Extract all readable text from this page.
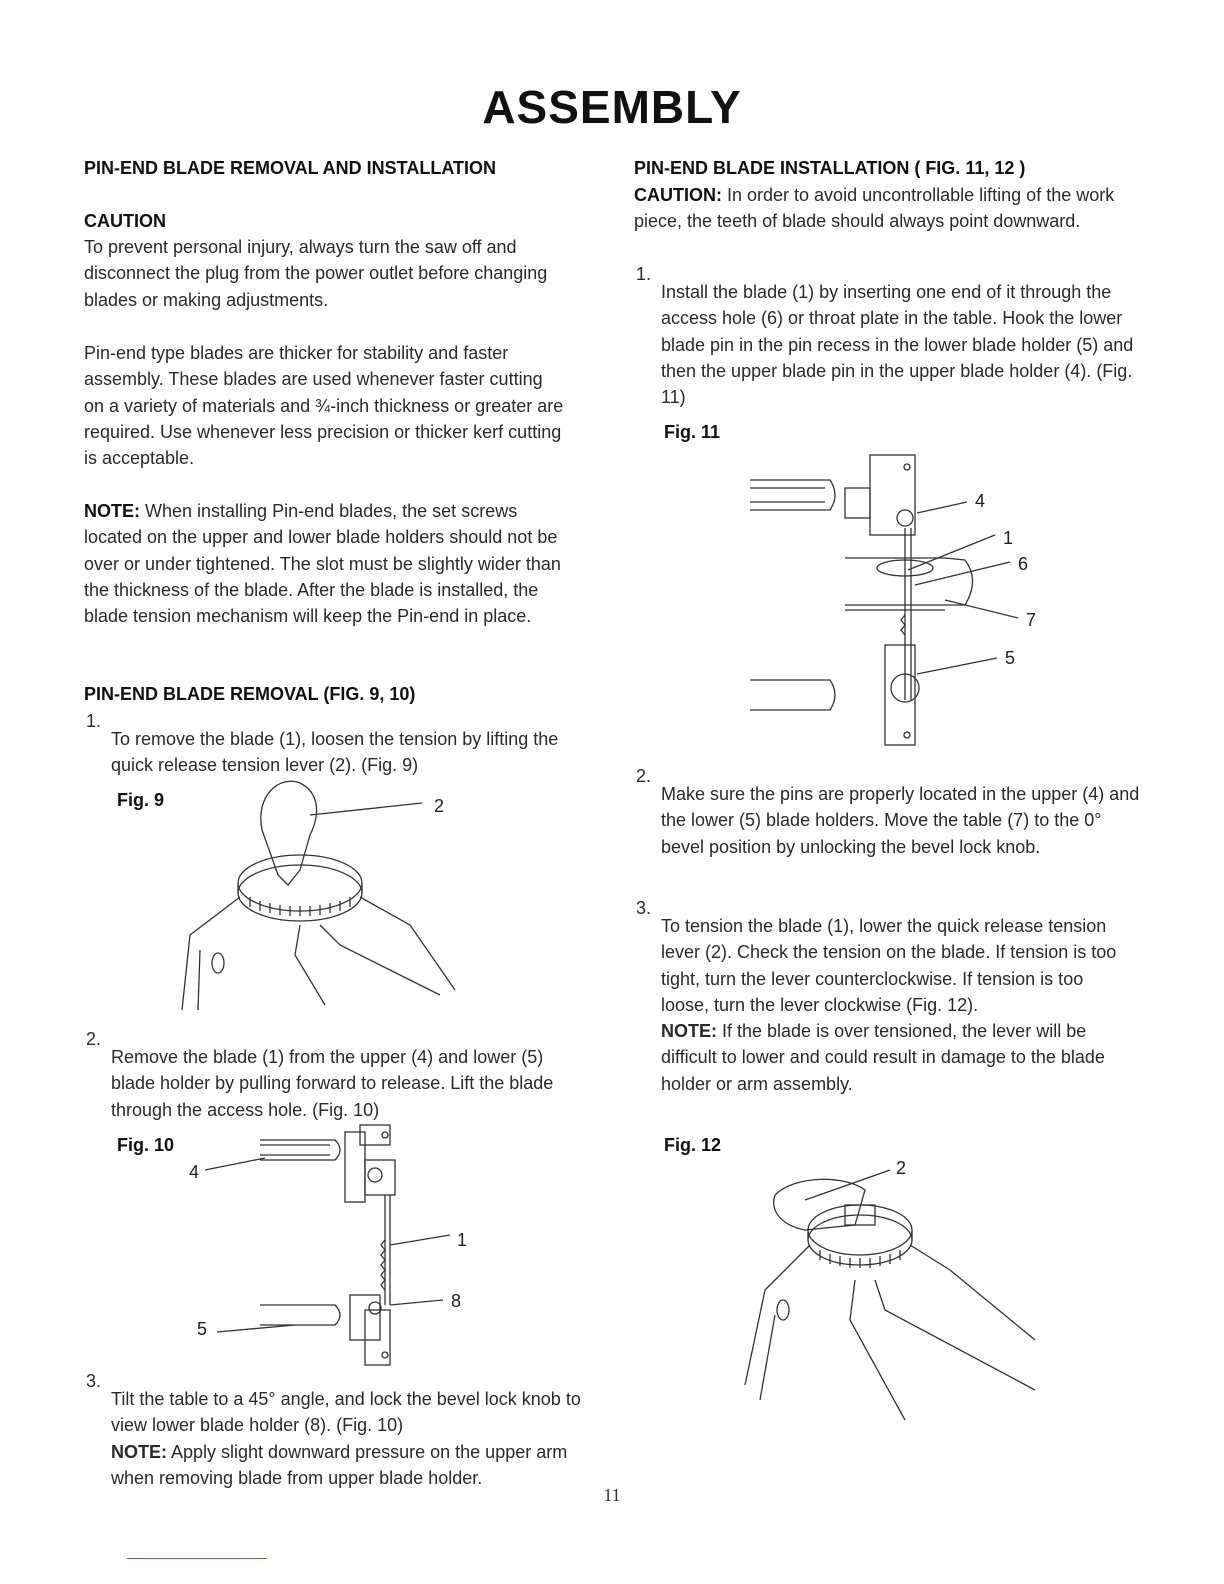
ASSEMBLY
PIN-END BLADE REMOVAL AND INSTALLATION
CAUTION

To prevent personal injury, always turn the saw off and disconnect the plug from the power outlet before changing blades or making adjustments.

Pin-end type blades are thicker for stability and faster assembly. These blades are used whenever faster cutting on a variety of materials and ¾-inch thickness or greater are required. Use whenever less precision or thicker kerf cutting is acceptable.

NOTE: When installing Pin-end blades, the set screws located on the upper and lower blade holders should not be over or under tightened. The slot must be slightly wider than the thickness of the blade. After the blade is installed, the blade tension mechanism will keep the Pin-end in place.

PIN-END BLADE REMOVAL (FIG. 9, 10)
1.

To remove the blade (1), loosen the tension by lifting the quick release tension lever (2). (Fig. 9)

Fig. 9	2
2.

Remove the blade (1) from the upper (4) and lower (5) blade holder by pulling forward to release. Lift the blade through the access hole. (Fig. 10)

Fig. 10
4
1
8
5
3.

Tilt the table to a 45° angle, and lock the bevel lock knob to view lower blade holder (8). (Fig. 10)
NOTE: Apply slight downward pressure on the upper arm when removing blade from upper blade holder.

PIN-END BLADE INSTALLATION ( FIG. 11, 12 )

CAUTION: In order to avoid uncontrollable lifting of the work piece, the teeth of blade should always point downward.

1.

Install the blade (1) by inserting one end of it through the access hole (6) or throat plate in the table. Hook the lower blade pin in the pin recess in the lower blade holder (5) and then the upper blade pin in the upper blade holder (4). (Fig. 11)

Fig. 11
4
1
6
7
5
2.

Make sure the pins are properly located in the upper (4) and the lower (5) blade holders. Move the table (7) to the 0° bevel position by unlocking the bevel lock knob.

3.

To tension the blade (1), lower the quick release tension lever (2). Check the tension on the blade. If tension is too tight, turn the lever counterclockwise. If tension is too loose, turn the lever clockwise (Fig. 12).
NOTE: If the blade is over tensioned, the lever will be difficult to lower and could result in damage to the blade holder or arm assembly.

Fig. 12
2
11
